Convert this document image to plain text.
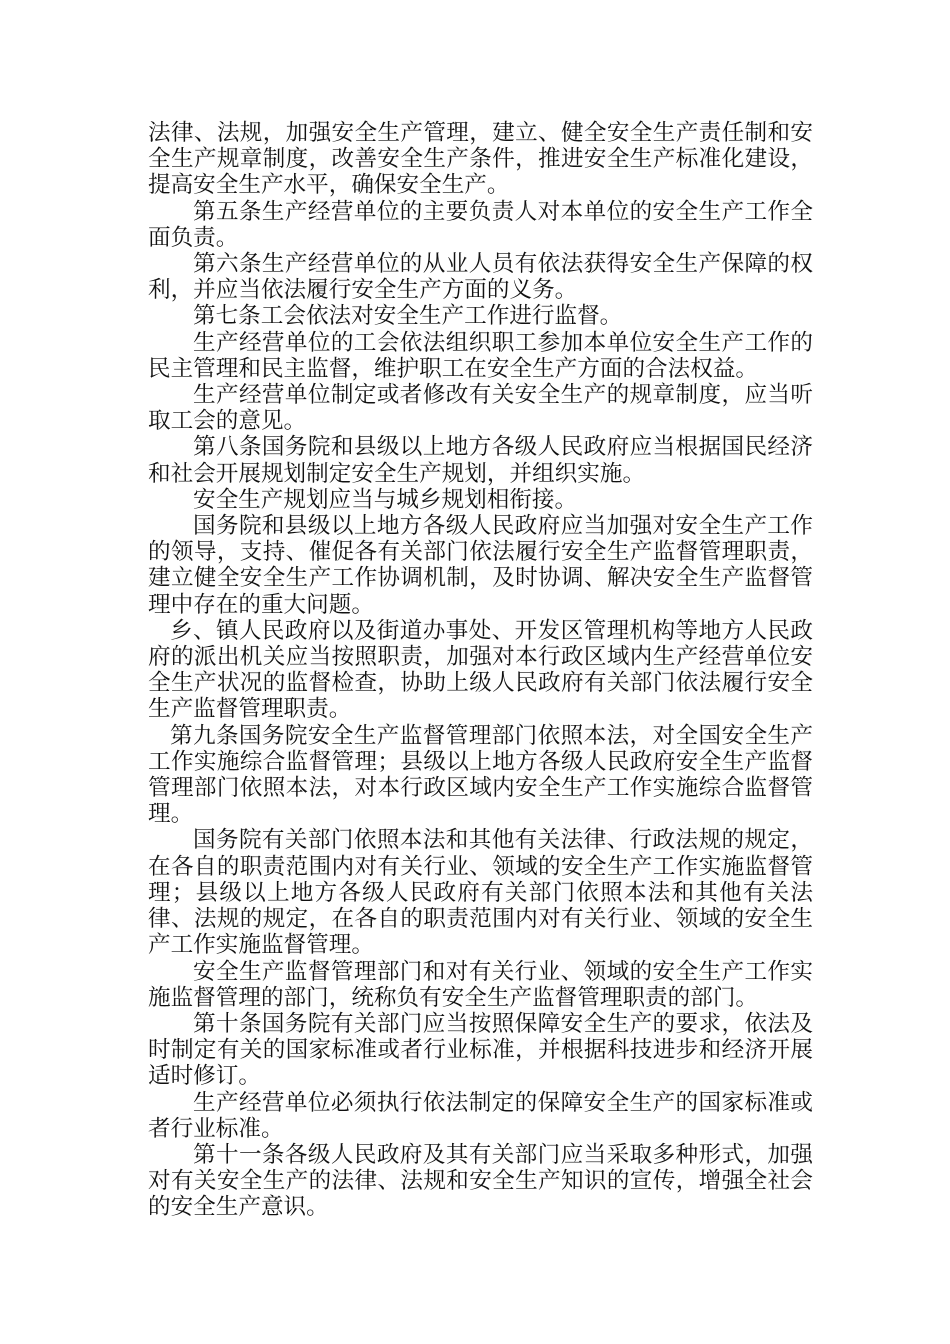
法律、法规，加强安全生产管理，建立、健全安全生产责任制和安全生产规章制度，改善安全生产条件，推进安全生产标准化建设，提高安全生产水平，确保安全生产。

第五条生产经营单位的主要负责人对本单位的安全生产工作全面负责。

第六条生产经营单位的从业人员有依法获得安全生产保障的权利，并应当依法履行安全生产方面的义务。

第七条工会依法对安全生产工作进行监督。

生产经营单位的工会依法组织职工参加本单位安全生产工作的民主管理和民主监督，维护职工在安全生产方面的合法权益。

生产经营单位制定或者修改有关安全生产的规章制度，应当听取工会的意见。

第八条国务院和县级以上地方各级人民政府应当根据国民经济和社会开展规划制定安全生产规划，并组织实施。

安全生产规划应当与城乡规划相衔接。

国务院和县级以上地方各级人民政府应当加强对安全生产工作的领导，支持、催促各有关部门依法履行安全生产监督管理职责，建立健全安全生产工作协调机制，及时协调、解决安全生产监督管理中存在的重大问题。

乡、镇人民政府以及街道办事处、开发区管理机构等地方人民政府的派出机关应当按照职责，加强对本行政区域内生产经营单位安全生产状况的监督检查，协助上级人民政府有关部门依法履行安全生产监督管理职责。

第九条国务院安全生产监督管理部门依照本法，对全国安全生产工作实施综合监督管理；县级以上地方各级人民政府安全生产监督管理部门依照本法，对本行政区域内安全生产工作实施综合监督管理。

国务院有关部门依照本法和其他有关法律、行政法规的规定，在各自的职责范围内对有关行业、领域的安全生产工作实施监督管理；县级以上地方各级人民政府有关部门依照本法和其他有关法律、法规的规定，在各自的职责范围内对有关行业、领域的安全生产工作实施监督管理。

安全生产监督管理部门和对有关行业、领域的安全生产工作实施监督管理的部门，统称负有安全生产监督管理职责的部门。

第十条国务院有关部门应当按照保障安全生产的要求，依法及时制定有关的国家标准或者行业标准，并根据科技进步和经济开展适时修订。

生产经营单位必须执行依法制定的保障安全生产的国家标准或者行业标准。

第十一条各级人民政府及其有关部门应当采取多种形式，加强对有关安全生产的法律、法规和安全生产知识的宣传，增强全社会的安全生产意识。
